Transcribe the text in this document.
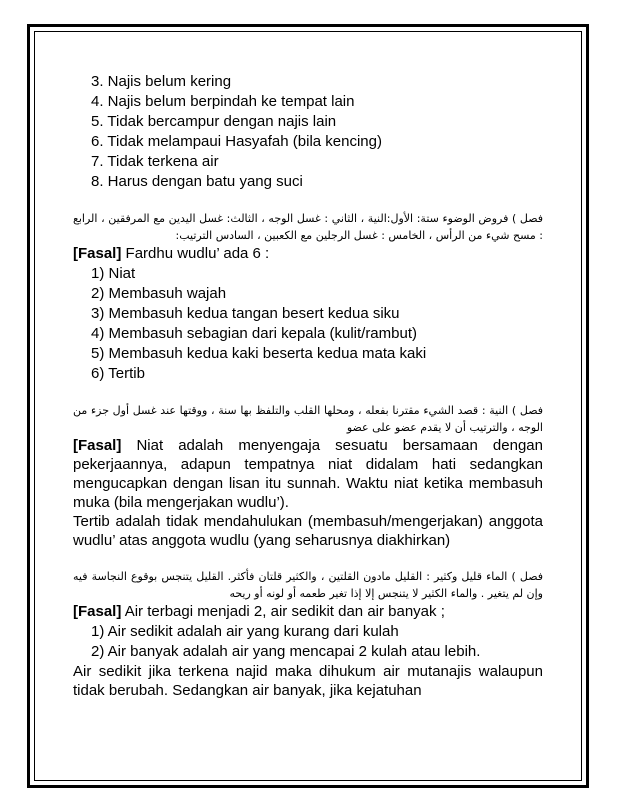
3. Najis belum kering
4. Najis belum berpindah ke tempat lain
5. Tidak bercampur dengan najis lain
6. Tidak melampaui Hasyafah (bila kencing)
7. Tidak terkena air
8. Harus dengan batu yang suci

فصل ) فروض الوضوء ستة: الأول:النية ، الثاني : غسل الوجه ، الثالث: غسل اليدين مع المرفقين ، الرابع : مسح شيء من الرأس ، الخامس : غسل الرجلين مع الكعبين ، السادس الترتيب:

[Fasal] Fardhu wudlu’ ada 6 :

1) Niat
2) Membasuh wajah
3) Membasuh kedua tangan besert kedua siku
4) Membasuh sebagian dari kepala (kulit/rambut)
5) Membasuh kedua kaki beserta kedua mata kaki
6) Tertib

فصل ) النية : قصد الشيء مقترنا بفعله ، ومحلها القلب والتلفظ بها سنة ، ووقتها عند غسل أول جزء من الوجه ، والترتيب أن لا يقدم عضو على عضو

[Fasal] Niat adalah menyengaja sesuatu bersamaan dengan pekerjaannya, adapun tempatnya niat didalam hati sedangkan mengucapkan dengan lisan itu sunnah. Waktu niat ketika membasuh muka (bila mengerjakan wudlu’).

Tertib adalah tidak mendahulukan (membasuh/mengerjakan) anggota wudlu’ atas anggota wudlu (yang seharusnya diakhirkan)

فصل ) الماء قليل وكثير : القليل مادون القلتين ، والكثير قلتان فأكثر. القليل يتنجس بوقوع النجاسة فيه وإن لم يتغير . والماء الكثير لا يتنجس إلا إذا تغير طعمه أو لونه أو ريحه

[Fasal] Air terbagi menjadi 2, air sedikit dan air banyak ;

1) Air sedikit adalah air yang kurang dari kulah
2) Air banyak adalah air yang mencapai 2 kulah atau lebih.

Air sedikit jika terkena najid maka dihukum air mutanajis walaupun tidak berubah. Sedangkan air banyak, jika kejatuhan
